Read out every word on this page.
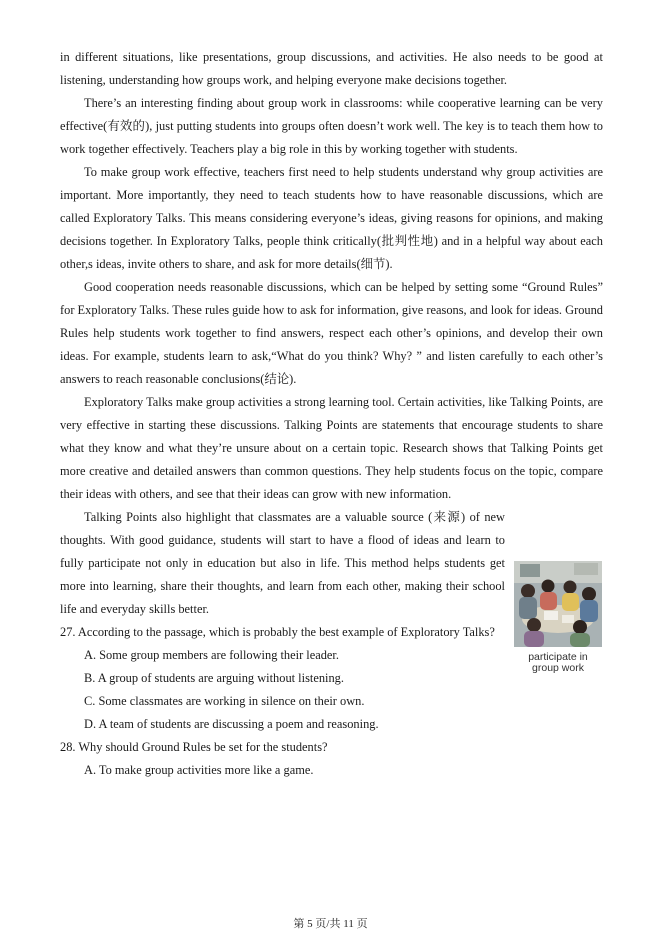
in different situations, like presentations, group discussions, and activities. He also needs to be good at listening, understanding how groups work, and helping everyone make decisions together.

There’s an interesting finding about group work in classrooms: while cooperative learning can be very effective(有效的), just putting students into groups often doesn’t work well. The key is to teach them how to work together effectively. Teachers play a big role in this by working together with students.

To make group work effective, teachers first need to help students understand why group activities are important. More importantly, they need to teach students how to have reasonable discussions, which are called Exploratory Talks. This means considering everyone’s ideas, giving reasons for opinions, and making decisions together. In Exploratory Talks, people think critically(批判性地) and in a helpful way about each other,s ideas, invite others to share, and ask for more details(细节).

Good cooperation needs reasonable discussions, which can be helped by setting some “Ground Rules” for Exploratory Talks. These rules guide how to ask for information, give reasons, and look for ideas. Ground Rules help students work together to find answers, respect each other’s opinions, and develop their own ideas. For example, students learn to ask,“What do you think? Why? ” and listen carefully to each other’s answers to reach reasonable conclusions(结论).

Exploratory Talks make group activities a strong learning tool. Certain activities, like Talking Points, are very effective in starting these discussions. Talking Points are statements that encourage students to share what they know and what they’re unsure about on a certain topic. Research shows that Talking Points get more creative and detailed answers than common questions. They help students focus on the topic, compare their ideas with others, and see that their ideas can grow with new information.

Talking Points also highlight that classmates are a valuable source (来源) of new thoughts. With good guidance, students will start to have a flood of ideas and learn to fully participate not only in education but also in life. This method helps students get more into learning, share their thoughts, and learn from each other, making their school life and everyday skills better.

27. According to the passage, which is probably the best example of Exploratory Talks?

A. Some group members are following their leader.

B. A group of students are arguing without listening.

C. Some classmates are working in silence on their own.

D. A team of students are discussing a poem and reasoning.

28. Why should Ground Rules be set for the students?

A. To make group activities more like a game.

participate in
group work
第 5 页/共 11 页
